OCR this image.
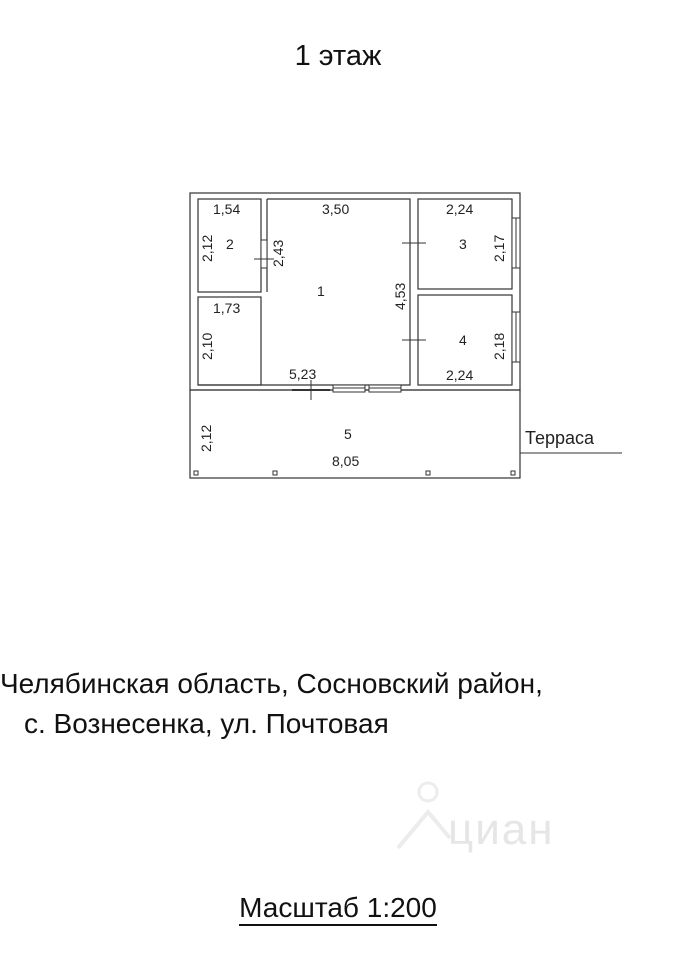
1 этаж
1,54
2,12	2,43
3,50
4,53
2,24
2,17
2,24
2,18
1,73
2,10
5,23
2,12
8,05
1
2	3
4
5	Терраса
Челябинская область, Сосновский район,
с. Вознесенка, ул. Почтовая
циан
Масштаб 1:200
